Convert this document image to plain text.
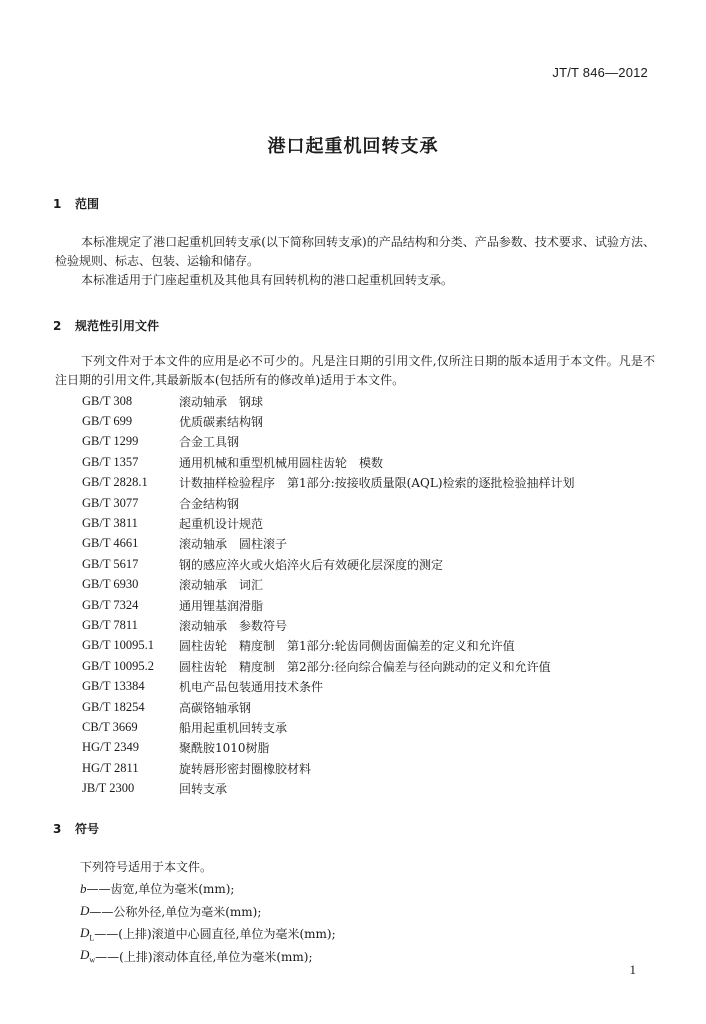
JT/T 846—2012
港口起重机回转支承
1 范围
本标准规定了港口起重机回转支承(以下简称回转支承)的产品结构和分类、产品参数、技术要求、试验方法、检验规则、标志、包装、运输和储存。
本标准适用于门座起重机及其他具有回转机构的港口起重机回转支承。
2 规范性引用文件
下列文件对于本文件的应用是必不可少的。凡是注日期的引用文件,仅所注日期的版本适用于本文件。凡是不注日期的引用文件,其最新版本(包括所有的修改单)适用于本文件。
GB/T 308	滚动轴承　钢球
GB/T 699	优质碳素结构钢
GB/T 1299	合金工具钢
GB/T 1357	通用机械和重型机械用圆柱齿轮　模数
GB/T 2828.1	计数抽样检验程序　第1部分:按接收质量限(AQL)检索的逐批检验抽样计划
GB/T 3077	合金结构钢
GB/T 3811	起重机设计规范
GB/T 4661	滚动轴承　圆柱滚子
GB/T 5617	钢的感应淬火或火焰淬火后有效硬化层深度的测定
GB/T 6930	滚动轴承　词汇
GB/T 7324	通用锂基润滑脂
GB/T 7811	滚动轴承　参数符号
GB/T 10095.1	圆柱齿轮　精度制　第1部分:轮齿同侧齿面偏差的定义和允许值
GB/T 10095.2	圆柱齿轮　精度制　第2部分:径向综合偏差与径向跳动的定义和允许值
GB/T 13384	机电产品包装通用技术条件
GB/T 18254	高碳铬轴承钢
CB/T 3669	船用起重机回转支承
HG/T 2349	聚酰胺1010树脂
HG/T 2811	旋转唇形密封圈橡胶材料
JB/T 2300	回转支承
3 符号
下列符号适用于本文件。
b ——齿宽,单位为毫米(mm);
D ——公称外径,单位为毫米(mm);
$D_L$ ——(上排)滚道中心圆直径,单位为毫米(mm);
$D_w$ ——(上排)滚动体直径,单位为毫米(mm);
1
